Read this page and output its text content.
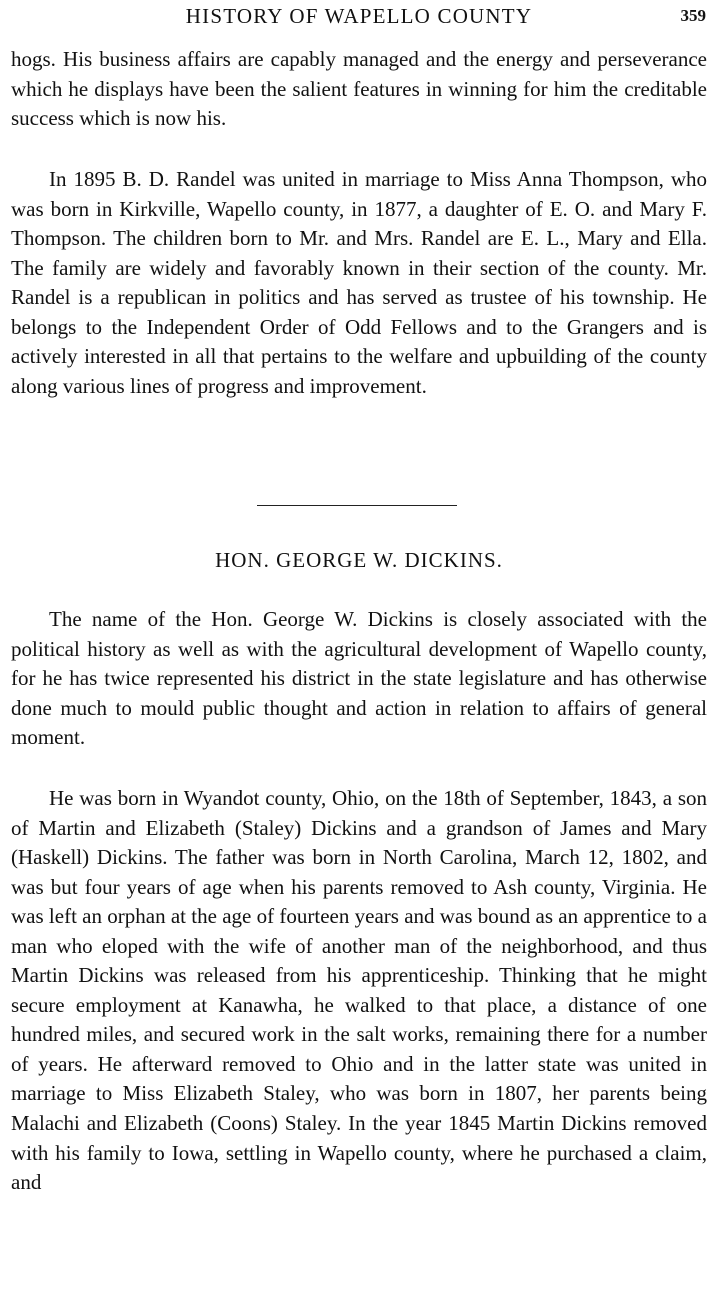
HISTORY OF WAPELLO COUNTY	359

hogs. His business affairs are capably managed and the energy and perseverance which he displays have been the salient features in winning for him the creditable success which is now his.

In 1895 B. D. Randel was united in marriage to Miss Anna Thompson, who was born in Kirkville, Wapello county, in 1877, a daughter of E. O. and Mary F. Thompson. The children born to Mr. and Mrs. Randel are E. L., Mary and Ella. The family are widely and favorably known in their section of the county. Mr. Randel is a republican in politics and has served as trustee of his township. He belongs to the Independent Order of Odd Fellows and to the Grangers and is actively interested in all that pertains to the welfare and upbuilding of the county along various lines of progress and improvement.

HON. GEORGE W. DICKINS.

The name of the Hon. George W. Dickins is closely associated with the political history as well as with the agricultural development of Wapello county, for he has twice represented his district in the state legislature and has otherwise done much to mould public thought and action in relation to affairs of general moment.

He was born in Wyandot county, Ohio, on the 18th of September, 1843, a son of Martin and Elizabeth (Staley) Dickins and a grandson of James and Mary (Haskell) Dickins. The father was born in North Carolina, March 12, 1802, and was but four years of age when his parents removed to Ash county, Virginia. He was left an orphan at the age of fourteen years and was bound as an apprentice to a man who eloped with the wife of another man of the neighborhood, and thus Martin Dickins was released from his apprenticeship. Thinking that he might secure employment at Kanawha, he walked to that place, a distance of one hundred miles, and secured work in the salt works, remaining there for a number of years. He afterward removed to Ohio and in the latter state was united in marriage to Miss Elizabeth Staley, who was born in 1807, her parents being Malachi and Elizabeth (Coons) Staley. In the year 1845 Martin Dickins removed with his family to Iowa, settling in Wapello county, where he purchased a claim, and
